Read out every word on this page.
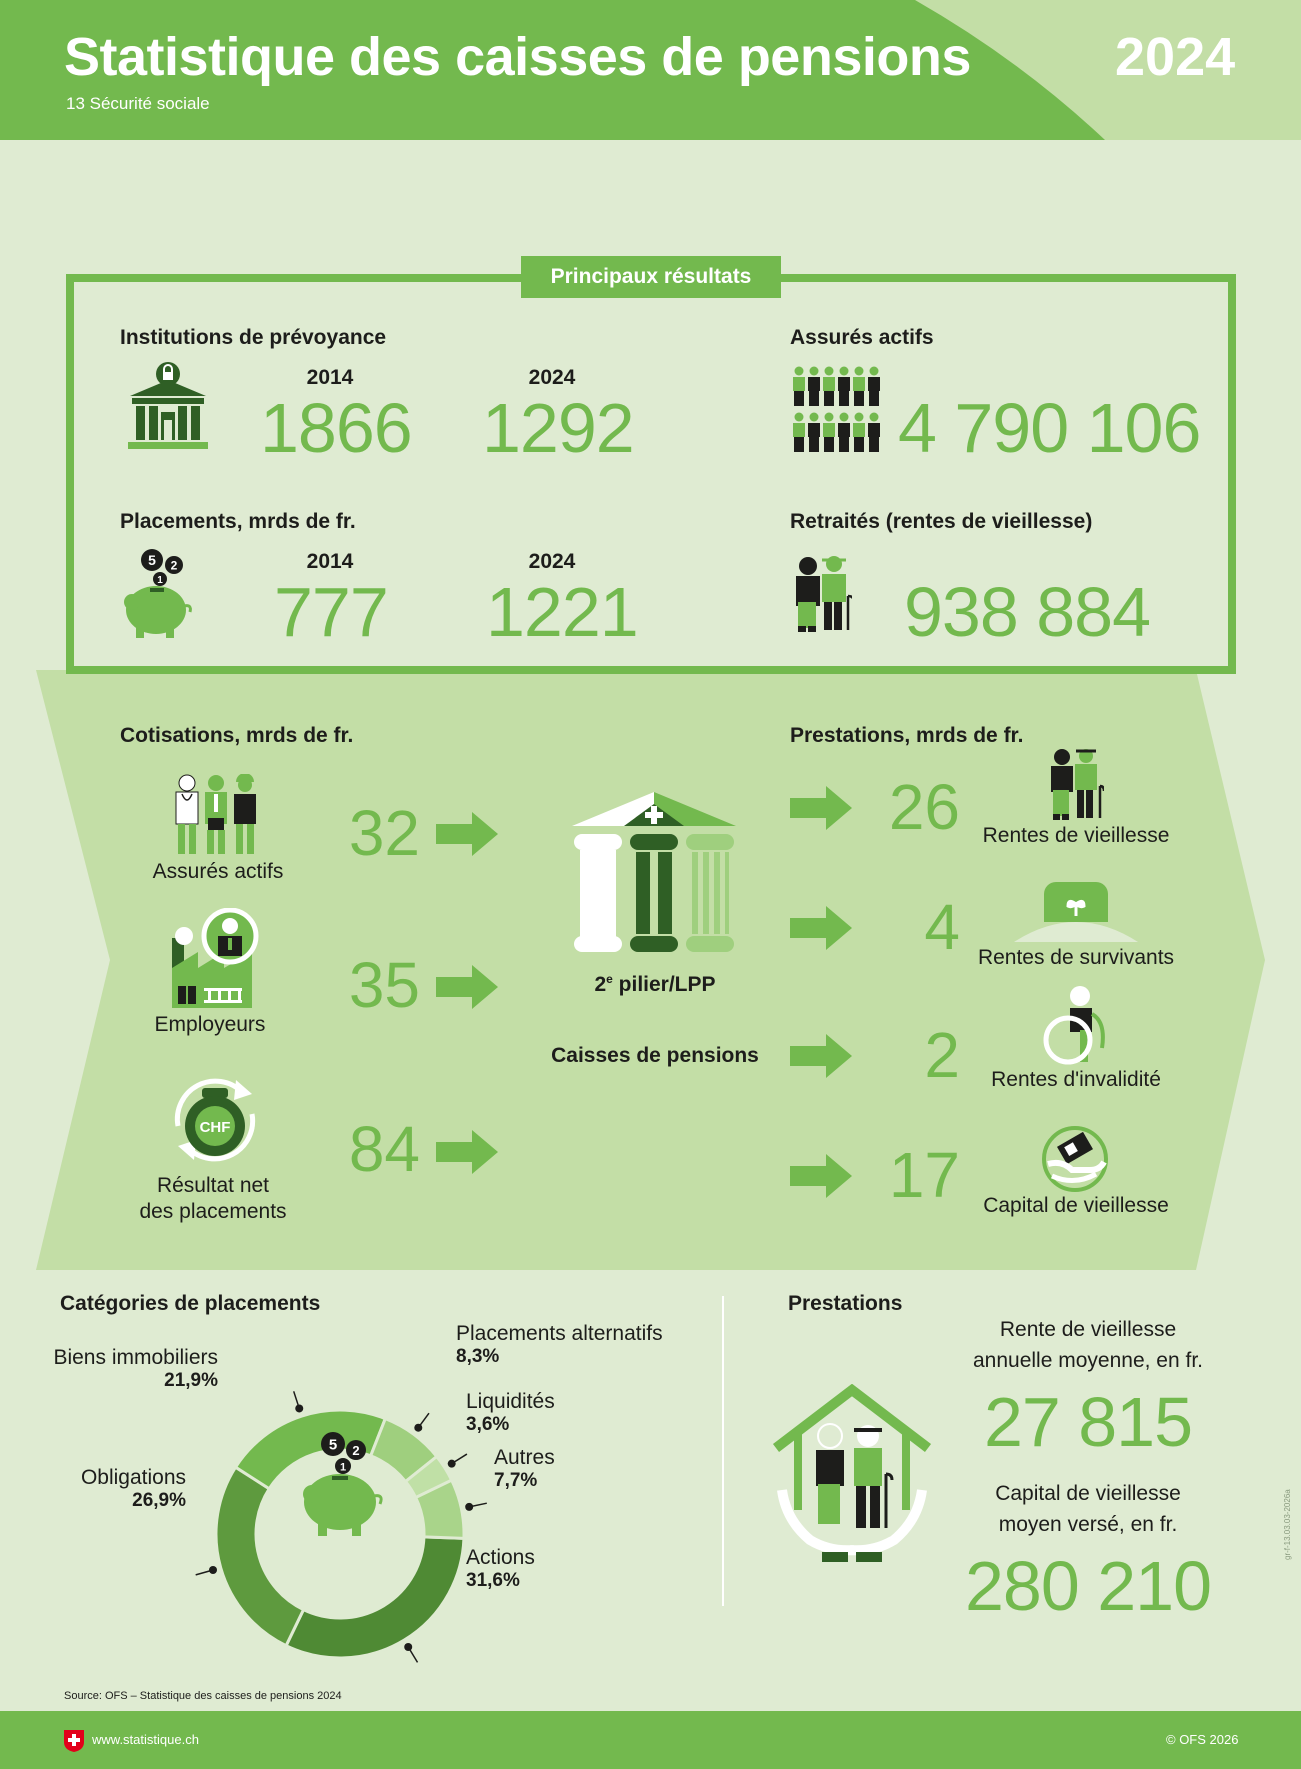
Statistique des caisses de pensions
13 Sécurité sociale
2024
Principaux résultats
Institutions de prévoyance
2014	2024
1866 1292
Assurés actifs
4 790 106
Placements, mrds de fr.
5 2
1
2014	2024
777 1221
Retraités (rentes de vieillesse)
938 884
Cotisations, mrds de fr.	Prestations, mrds de fr.
Assurés actifs
32
Employeurs
35
CHF
Résultat net
des placements
84
2e pilier/LPP
Caisses de pensions
26	Rentes de vieillesse
4 Rentes de survivants
2	Rentes d'invalidité
17	Capital de vieillesse
Catégories de placements
5 2
1
Actions
31,6%
Obligations
26,9%
Biens immobiliers
21,9%
Placements alternatifs
8,3%
Liquidités
3,6%
Autres
7,7%
Prestations
Rente de vieillesse
annuelle moyenne, en fr.
27 815
Capital de vieillesse
moyen versé, en fr.
280 210
Source: OFS – Statistique des caisses de pensions 2024
www.statistique.ch	© OFS 2026
gr-f-13.03.03-2026a
